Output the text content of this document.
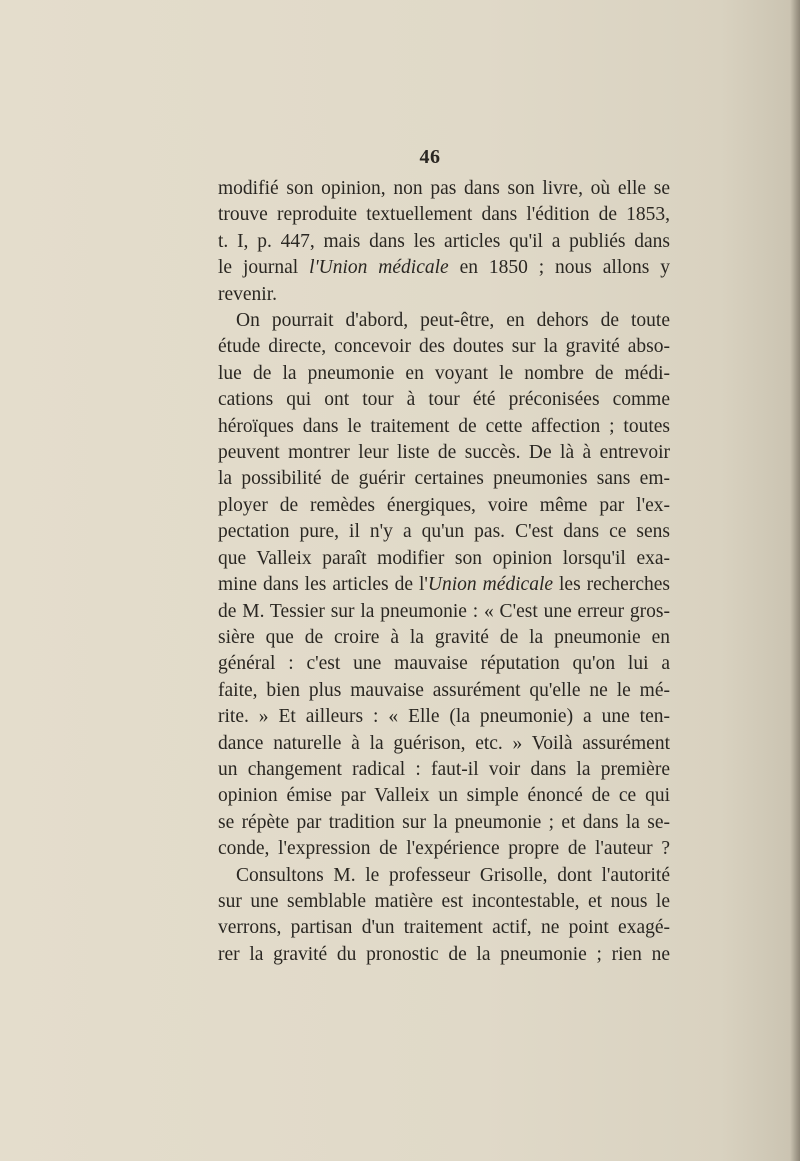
46
modifié son opinion, non pas dans son livre, où elle se
trouve reproduite textuellement dans l'édition de 1853,
t. I, p. 447, mais dans les articles qu'il a publiés dans
le journal l'Union médicale en 1850 ; nous allons y
revenir.
On pourrait d'abord, peut-être, en dehors de toute
étude directe, concevoir des doutes sur la gravité abso-
lue de la pneumonie en voyant le nombre de médi-
cations qui ont tour à tour été préconisées comme
héroïques dans le traitement de cette affection ; toutes
peuvent montrer leur liste de succès. De là à entrevoir
la possibilité de guérir certaines pneumonies sans em-
ployer de remèdes énergiques, voire même par l'ex-
pectation pure, il n'y a qu'un pas. C'est dans ce sens
que Valleix paraît modifier son opinion lorsqu'il exa-
mine dans les articles de l'Union médicale les recherches
de M. Tessier sur la pneumonie : « C'est une erreur gros-
sière que de croire à la gravité de la pneumonie en
général : c'est une mauvaise réputation qu'on lui a
faite, bien plus mauvaise assurément qu'elle ne le mé-
rite. » Et ailleurs : « Elle (la pneumonie) a une ten-
dance naturelle à la guérison, etc. » Voilà assurément
un changement radical : faut-il voir dans la première
opinion émise par Valleix un simple énoncé de ce qui
se répète par tradition sur la pneumonie ; et dans la se-
conde, l'expression de l'expérience propre de l'auteur ?
Consultons M. le professeur Grisolle, dont l'autorité
sur une semblable matière est incontestable, et nous le
verrons, partisan d'un traitement actif, ne point exagé-
rer la gravité du pronostic de la pneumonie ; rien ne
